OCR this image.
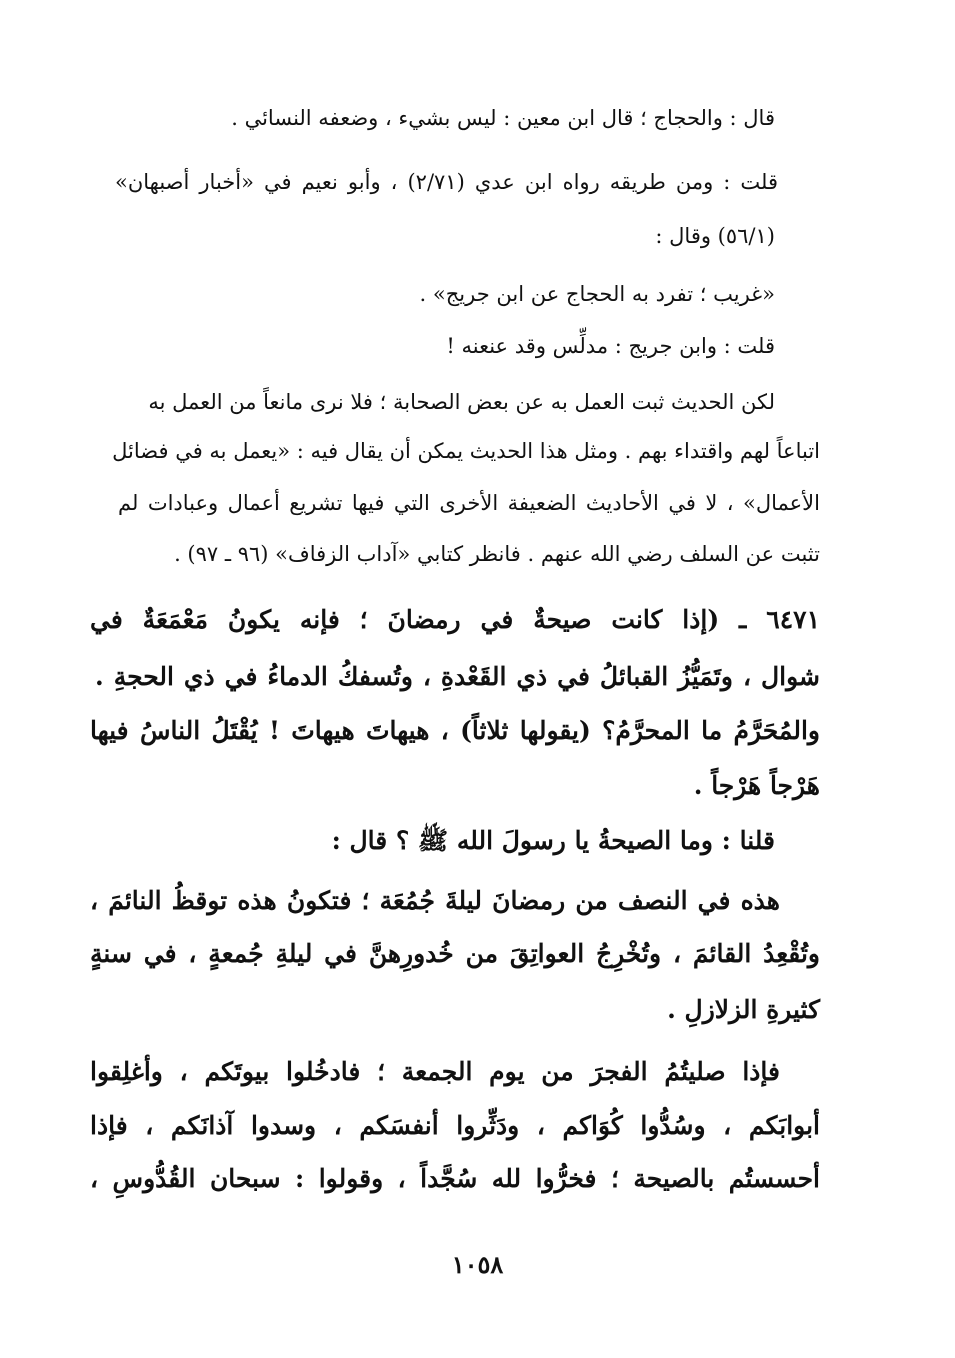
قال : والحجاج ؛ قال ابن معين : ليس بشيء ، وضعفه النسائي .
قلت : ومن طريقه رواه ابن عدي (٢/٧١) ، وأبو نعيم في «أخبار أصبهان»
(٥٦/١) وقال :
«غريب ؛ تفرد به الحجاج عن ابن جريج» .
قلت : وابن جريج : مدلِّس وقد عنعنه !
لكن الحديث ثبت العمل به عن بعض الصحابة ؛ فلا نرى مانعاً من العمل به
اتباعاً لهم واقتداء بهم . ومثل هذا الحديث يمكن أن يقال فيه : «يعمل به في فضائل
الأعمال» ، لا في الأحاديث الضعيفة الأخرى التي فيها تشريع أعمال وعبادات لم
تثبت عن السلف رضي الله عنهم . فانظر كتابي «آداب الزفاف» (٩٦ ـ ٩٧) .
٦٤٧١ ـ (إذا كانت صيحةٌ في رمضانَ ؛ فإنه يكونُ مَعْمَعَةٌ في
شوال ، وتَمَيُّزُ القبائلُ في ذي القَعْدةِ ، وتُسفكُ الدماءُ في ذي الحجةِ .
والمُحَرَّمُ ما المحرَّمُ؟ (يقولها ثلاثاً) ، هيهاتَ هيهاتَ ! يُقْتَلُ الناسُ فيها
هَرْجاً هَرْجاً .
قلنا : وما الصيحةُ يا رسولَ الله ﷺ ؟ قال :
هذه في النصف من رمضانَ ليلةَ جُمُعَة ؛ فتكونُ هذه توقظُ النائمَ ،
وتُقْعِدُ القائمَ ، وتُخْرِجُ العواتِقَ من خُدورِهنَّ في ليلةِ جُمعةٍ ، في سنةٍ
كثيرةِ الزلازلِ .
فإذا صليتُمُ الفجرَ من يوم الجمعة ؛ فادخُلوا بيوتَكم ، وأغلِقوا
أبوابَكم ، وسُدُّوا كُوَاكم ، ودَثِّروا أنفسَكم ، وسدوا آذانَكم ، فإذا
أحسستُم بالصيحة ؛ فخرُّوا لله سُجَّداً ، وقولوا : سبحان القُدُّوسِ ،
١٠٥٨
